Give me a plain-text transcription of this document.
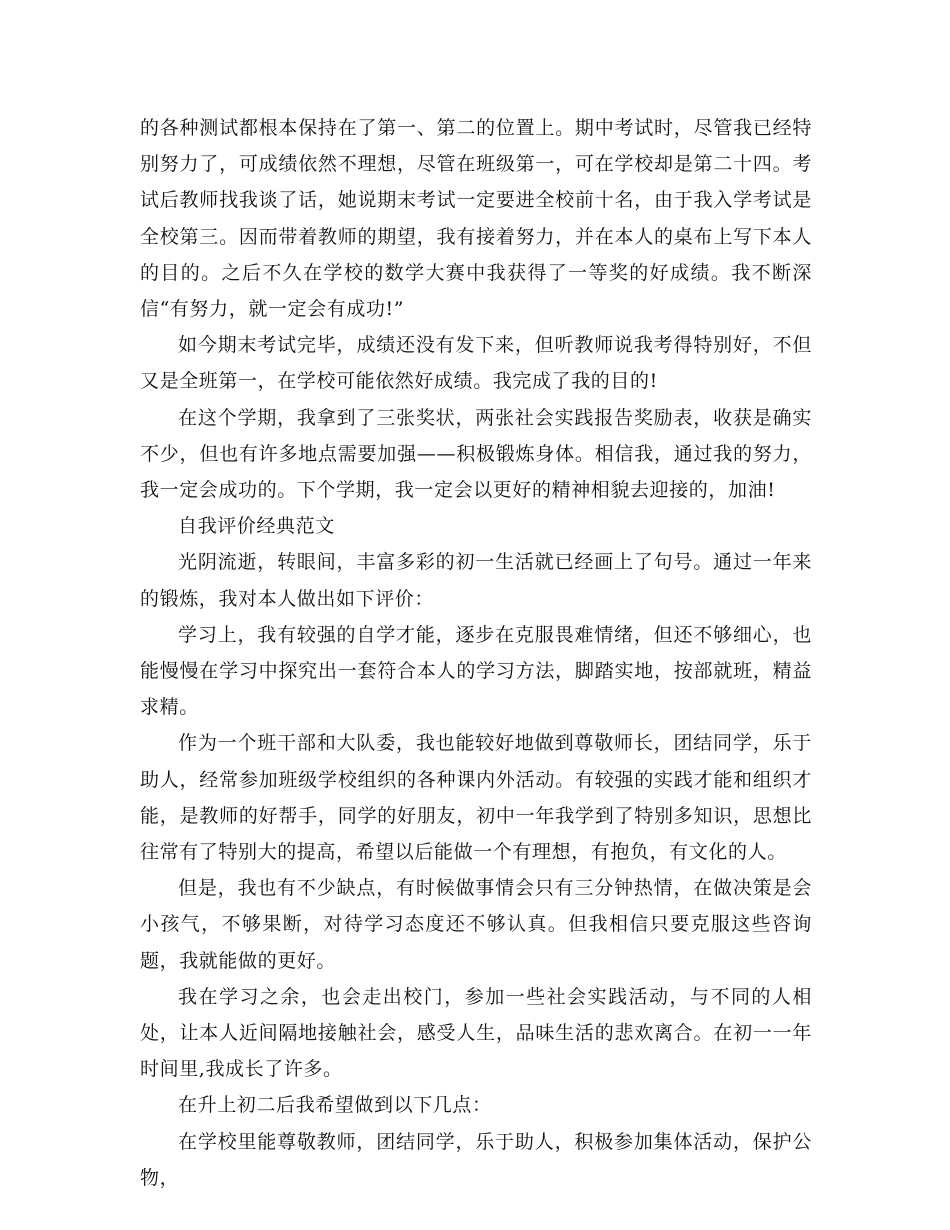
的各种测试都根本保持在了第一、第二的位置上。期中考试时，尽管我已经特别努力了，可成绩依然不理想，尽管在班级第一，可在学校却是第二十四。考试后教师找我谈了话，她说期末考试一定要进全校前十名，由于我入学考试是全校第三。因而带着教师的期望，我有接着努力，并在本人的桌布上写下本人的目的。之后不久在学校的数学大赛中我获得了一等奖的好成绩。我不断深信“有努力，就一定会有成功!”

如今期末考试完毕，成绩还没有发下来，但听教师说我考得特别好，不但又是全班第一，在学校可能依然好成绩。我完成了我的目的!

在这个学期，我拿到了三张奖状，两张社会实践报告奖励表，收获是确实不少，但也有许多地点需要加强——积极锻炼身体。相信我，通过我的努力，我一定会成功的。下个学期，我一定会以更好的精神相貌去迎接的，加油!

自我评价经典范文

光阴流逝，转眼间，丰富多彩的初一生活就已经画上了句号。通过一年来的锻炼，我对本人做出如下评价：

学习上，我有较强的自学才能，逐步在克服畏难情绪，但还不够细心，也能慢慢在学习中探究出一套符合本人的学习方法，脚踏实地，按部就班，精益求精。

作为一个班干部和大队委，我也能较好地做到尊敬师长，团结同学，乐于助人，经常参加班级学校组织的各种课内外活动。有较强的实践才能和组织才能，是教师的好帮手，同学的好朋友，初中一年我学到了特别多知识，思想比往常有了特别大的提高，希望以后能做一个有理想，有抱负，有文化的人。

但是，我也有不少缺点，有时候做事情会只有三分钟热情，在做决策是会小孩气，不够果断，对待学习态度还不够认真。但我相信只要克服这些咨询题，我就能做的更好。

我在学习之余，也会走出校门，参加一些社会实践活动，与不同的人相处，让本人近间隔地接触社会，感受人生，品味生活的悲欢离合。在初一一年时间里,我成长了许多。

在升上初二后我希望做到以下几点：

在学校里能尊敬教师，团结同学，乐于助人，积极参加集体活动，保护公物，
